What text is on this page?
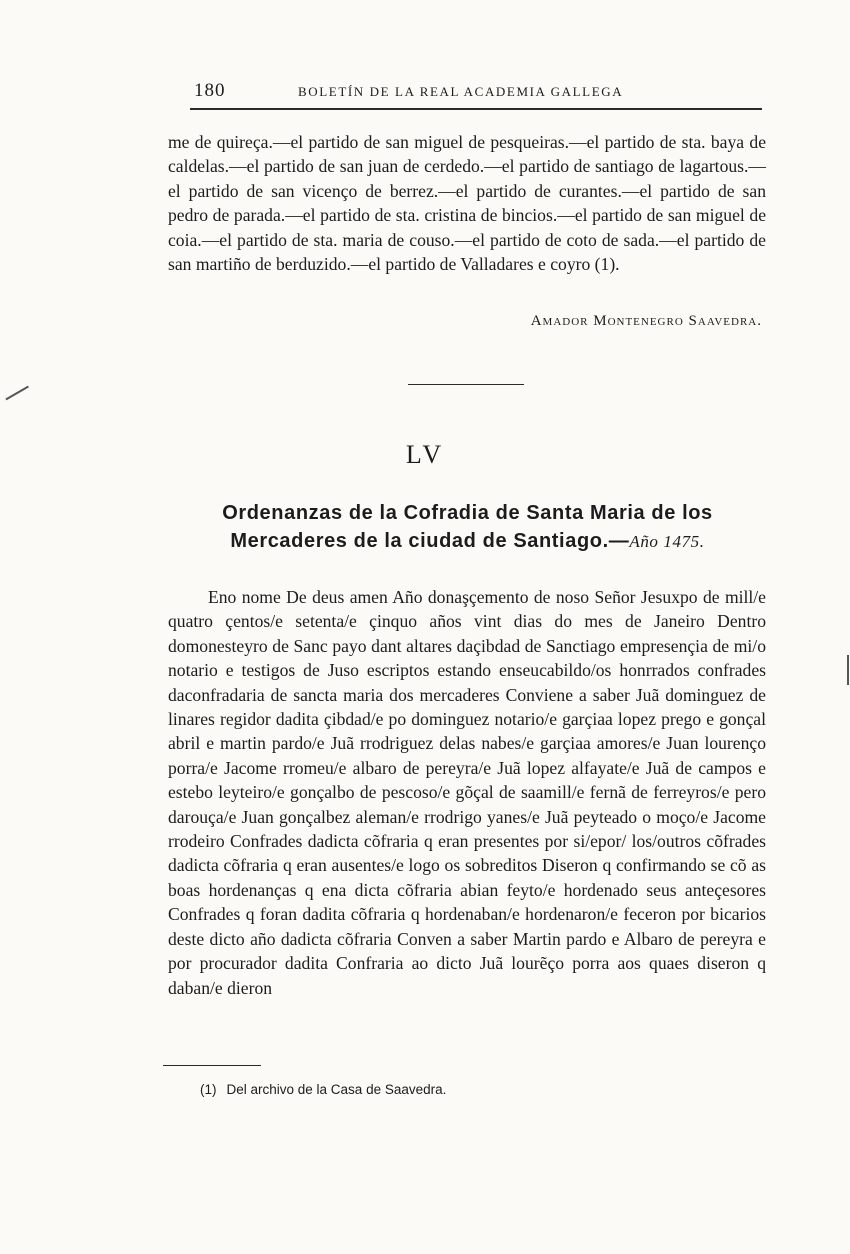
180	BOLETÍN DE LA REAL ACADEMIA GALLEGA

me de quireça.—el partido de san miguel de pesqueiras.—el partido de sta. baya de caldelas.—el partido de san juan de cerdedo.—el partido de santiago de lagartous.—el partido de san vicenço de berrez.—el partido de curantes.—el partido de san pedro de parada.—el partido de sta. cristina de bincios.—el partido de san miguel de coia.—el partido de sta. maria de couso.—el partido de coto de sada.—el partido de san martiño de berduzido.—el partido de Valladares e coyro (1).

Amador Montenegro Saavedra.
LV
Ordenanzas de la Cofradia de Santa Maria de los Mercaderes de la ciudad de Santiago.—Año 1475.

Eno nome De deus amen Año donaşçemento de noso Señor Jesuxpo de mill/e quatro çentos/e setenta/e çinquo años vint dias do mes de Janeiro Dentro domonesteyro de Sanc payo dant altares daçibdad de Sanctiago empresençia de mi/o notario e testigos de Juso escriptos estando enseucabildo/os honrrados confrades daconfradaria de sancta maria dos mercaderes Conviene a saber Juã dominguez de linares regidor dadita çibdad/e po dominguez notario/e garçiaa lopez prego e gonçal abril e martin pardo/e Juã rrodriguez delas nabes/e garçiaa amores/e Juan lourenço porra/e Jacome rromeu/e albaro de pereyra/e Juã lopez alfayate/e Juã de campos e estebo leyteiro/e gonçalbo de pescoso/e gõçal de saamill/e fernã de ferreyros/e pero darouça/e Juan gonçalbez aleman/e rrodrigo yanes/e Juã peyteado o moço/e Jacome rrodeiro Confrades dadicta cõfraria q eran presentes por si/epor/ los/outros cõfrades dadicta cõfraria q eran ausentes/e logo os sobreditos Diseron q confirmando se cõ as boas hordenanças q ena dicta cõfraria abian feyto/e hordenado seus anteçesores Confrades q foran dadita cõfraria q hordenaban/e hordenaron/e feceron por bicarios deste dicto año dadicta cõfraria Conven a saber Martin pardo e Albaro de pereyra e por procurador dadita Confraria ao dicto Juã lourẽço porra aos quaes diseron q daban/e dieron

(1) Del archivo de la Casa de Saavedra.
